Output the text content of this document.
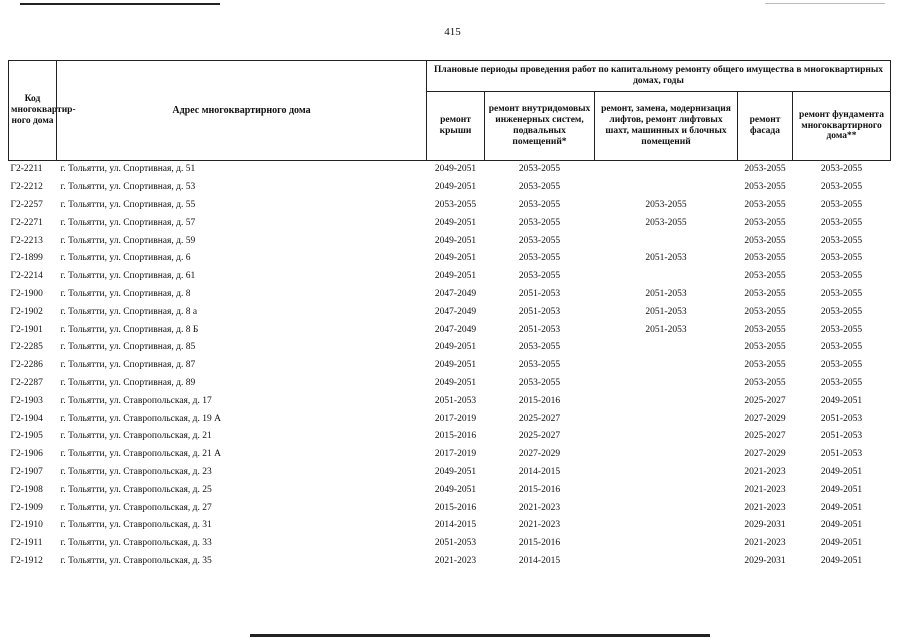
415
Код многоквартирного дома	Адрес многоквартирного дома	Плановые периоды проведения работ по капитальному ремонту общего имущества в многоквартирных домах, годы				
		ремонт крыши	ремонт внутридомовых инженерных систем, подвальных помещений*	ремонт, замена, модернизация лифтов, ремонт лифтовых шахт, машинных и блочных помещений	ремонт фасада	ремонт фундамента многоквартирного дома**
Г2-2211	г. Тольятти, ул. Спортивная, д. 51	2049-2051	2053-2055		2053-2055	2053-2055
Г2-2212	г. Тольятти, ул. Спортивная, д. 53	2049-2051	2053-2055		2053-2055	2053-2055
Г2-2257	г. Тольятти, ул. Спортивная, д. 55	2053-2055	2053-2055	2053-2055	2053-2055	2053-2055
Г2-2271	г. Тольятти, ул. Спортивная, д. 57	2049-2051	2053-2055	2053-2055	2053-2055	2053-2055
Г2-2213	г. Тольятти, ул. Спортивная, д. 59	2049-2051	2053-2055		2053-2055	2053-2055
Г2-1899	г. Тольятти, ул. Спортивная, д. 6	2049-2051	2053-2055	2051-2053	2053-2055	2053-2055
Г2-2214	г. Тольятти, ул. Спортивная, д. 61	2049-2051	2053-2055		2053-2055	2053-2055
Г2-1900	г. Тольятти, ул. Спортивная, д. 8	2047-2049	2051-2053	2051-2053	2053-2055	2053-2055
Г2-1902	г. Тольятти, ул. Спортивная, д. 8 а	2047-2049	2051-2053	2051-2053	2053-2055	2053-2055
Г2-1901	г. Тольятти, ул. Спортивная, д. 8 Б	2047-2049	2051-2053	2051-2053	2053-2055	2053-2055
Г2-2285	г. Тольятти, ул. Спортивная, д. 85	2049-2051	2053-2055		2053-2055	2053-2055
Г2-2286	г. Тольятти, ул. Спортивная, д. 87	2049-2051	2053-2055		2053-2055	2053-2055
Г2-2287	г. Тольятти, ул. Спортивная, д. 89	2049-2051	2053-2055		2053-2055	2053-2055
Г2-1903	г. Тольятти, ул. Ставропольская, д. 17	2051-2053	2015-2016		2025-2027	2049-2051
Г2-1904	г. Тольятти, ул. Ставропольская, д. 19 А	2017-2019	2025-2027		2027-2029	2051-2053
Г2-1905	г. Тольятти, ул. Ставропольская, д. 21	2015-2016	2025-2027		2025-2027	2051-2053
Г2-1906	г. Тольятти, ул. Ставропольская, д. 21 А	2017-2019	2027-2029		2027-2029	2051-2053
Г2-1907	г. Тольятти, ул. Ставропольская, д. 23	2049-2051	2014-2015		2021-2023	2049-2051
Г2-1908	г. Тольятти, ул. Ставропольская, д. 25	2049-2051	2015-2016		2021-2023	2049-2051
Г2-1909	г. Тольятти, ул. Ставропольская, д. 27	2015-2016	2021-2023		2021-2023	2049-2051
Г2-1910	г. Тольятти, ул. Ставропольская, д. 31	2014-2015	2021-2023		2029-2031	2049-2051
Г2-1911	г. Тольятти, ул. Ставропольская, д. 33	2051-2053	2015-2016		2021-2023	2049-2051
Г2-1912	г. Тольятти, ул. Ставропольская, д. 35	2021-2023	2014-2015		2029-2031	2049-2051
